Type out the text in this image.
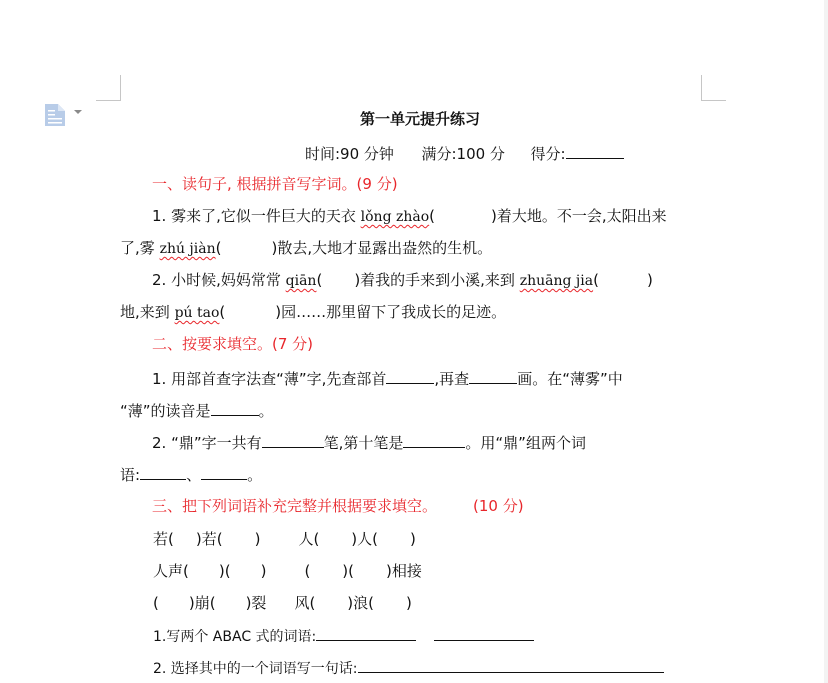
第一单元提升练习
时间:90 分钟 满分:100 分 得分:
一、读句子, 根据拼音写字词。(9 分)
1. 雾来了,它似一件巨大的天衣 lǒng zhào(	)着大地。不一会,太阳出来
了,雾 zhú jiàn(	)散去,大地才显露出盎然的生机。
2. 小时候,妈妈常常 qiān( )着我的手来到小溪,来到 zhuāng jia(	)
地,来到 pú tao(	)园……那里留下了我成长的足迹。
二、按要求填空。(7 分)
1. 用部首查字法查“薄”字,先查部首	,再查	画。在“薄雾”中
“薄”的读音是	。
2. “鼎”字一共有	笔,第十笔是	。用“鼎”组两个词
语:	、	。
三、把下列词语补充完整并根据要求填空。 (10 分)
若( )若( )	人( )人( )
人声( )( )	( )( )相接
( )崩( )裂 风( )浪( )
1.写两个 ABAC 式的词语:
2. 选择其中的一个词语写一句话:
